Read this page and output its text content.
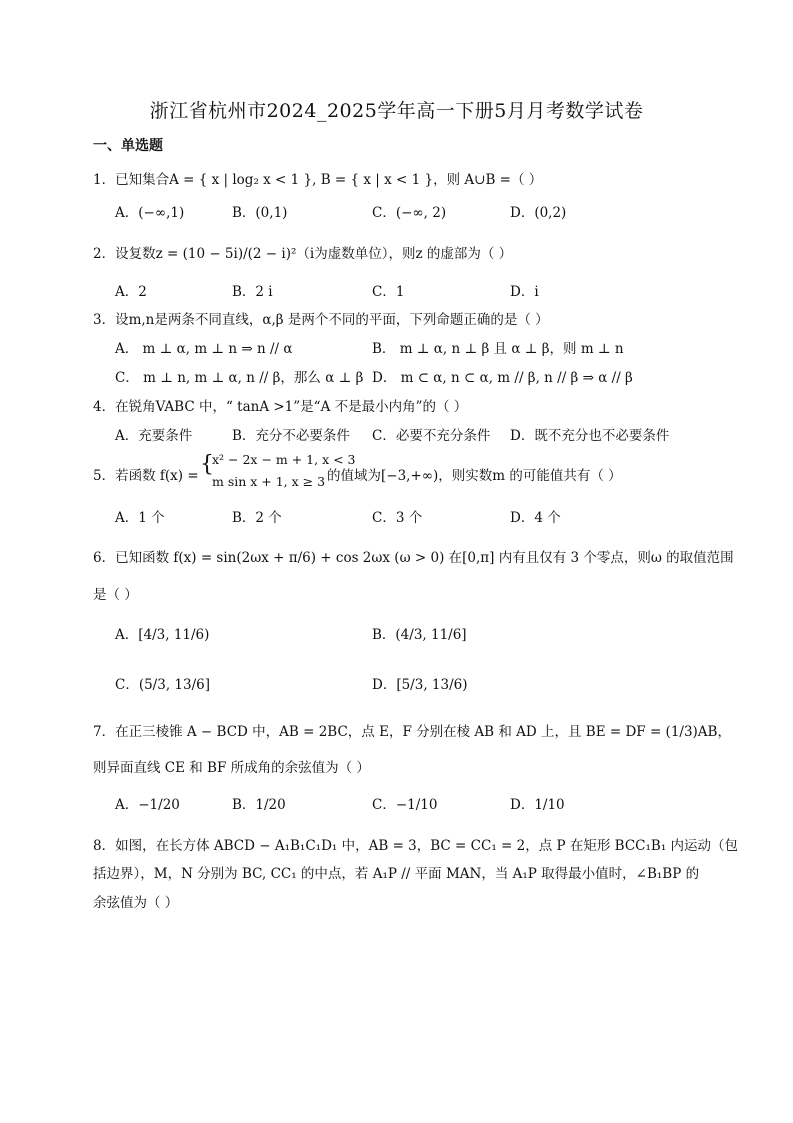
浙江省杭州市2024_2025学年高一下册5月月考数学试卷
一、单选题
1．已知集合A = { x | log₂ x < 1 }, B = { x | x < 1 }，则 A∪B =（ ）
A．(−∞,1)	B．(0,1)	C．(−∞, 2)	D．(0,2)
2．设复数z = (10 − 5i)/(2 − i)²（i为虚数单位），则z 的虚部为（ ）
A．2	B．2 i	C．1	D．i
3．设m,n是两条不同直线，α,β 是两个不同的平面，下列命题正确的是（ ）
A． m ⊥ α, m ⊥ n ⇒ n // α	B． m ⊥ α, n ⊥ β 且 α ⊥ β，则 m ⊥ n
C． m ⊥ n, m ⊥ α, n // β，那么 α ⊥ β D． m ⊂ α, n ⊂ α, m // β, n // β ⇒ α // β
4．在锐角VABC 中，“ tanA >1”是“A 不是最小内角”的（ ）
A．充要条件	B．充分不必要条件 C．必要不充分条件 D．既不充分也不必要条件
5．若函数 f(x) = {
x² − 2x − m + 1, x < 3
m sin x + 1, x ≥ 3 的值域为[−3,+∞)，则实数m 的可能值共有（ ）
A．1 个	B．2 个	C．3 个	D．4 个
6．已知函数 f(x) = sin(2ωx + π/6) + cos 2ωx (ω > 0) 在[0,π] 内有且仅有 3 个零点，则ω 的取值范围
是（ ）
A．[4/3, 11/6)	B．(4/3, 11/6]
C．(5/3, 13/6]	D．[5/3, 13/6)
7．在正三棱锥 A − BCD 中，AB = 2BC，点 E，F 分别在棱 AB 和 AD 上，且 BE = DF = (1/3)AB，
则异面直线 CE 和 BF 所成角的余弦值为（ ）
A．−1/20	B．1/20	C．−1/10	D．1/10
8．如图，在长方体 ABCD − A₁B₁C₁D₁ 中，AB = 3，BC = CC₁ = 2，点 P 在矩形 BCC₁B₁ 内运动（包
括边界），M，N 分别为 BC, CC₁ 的中点，若 A₁P // 平面 MAN，当 A₁P 取得最小值时，∠B₁BP 的
余弦值为（ ）
